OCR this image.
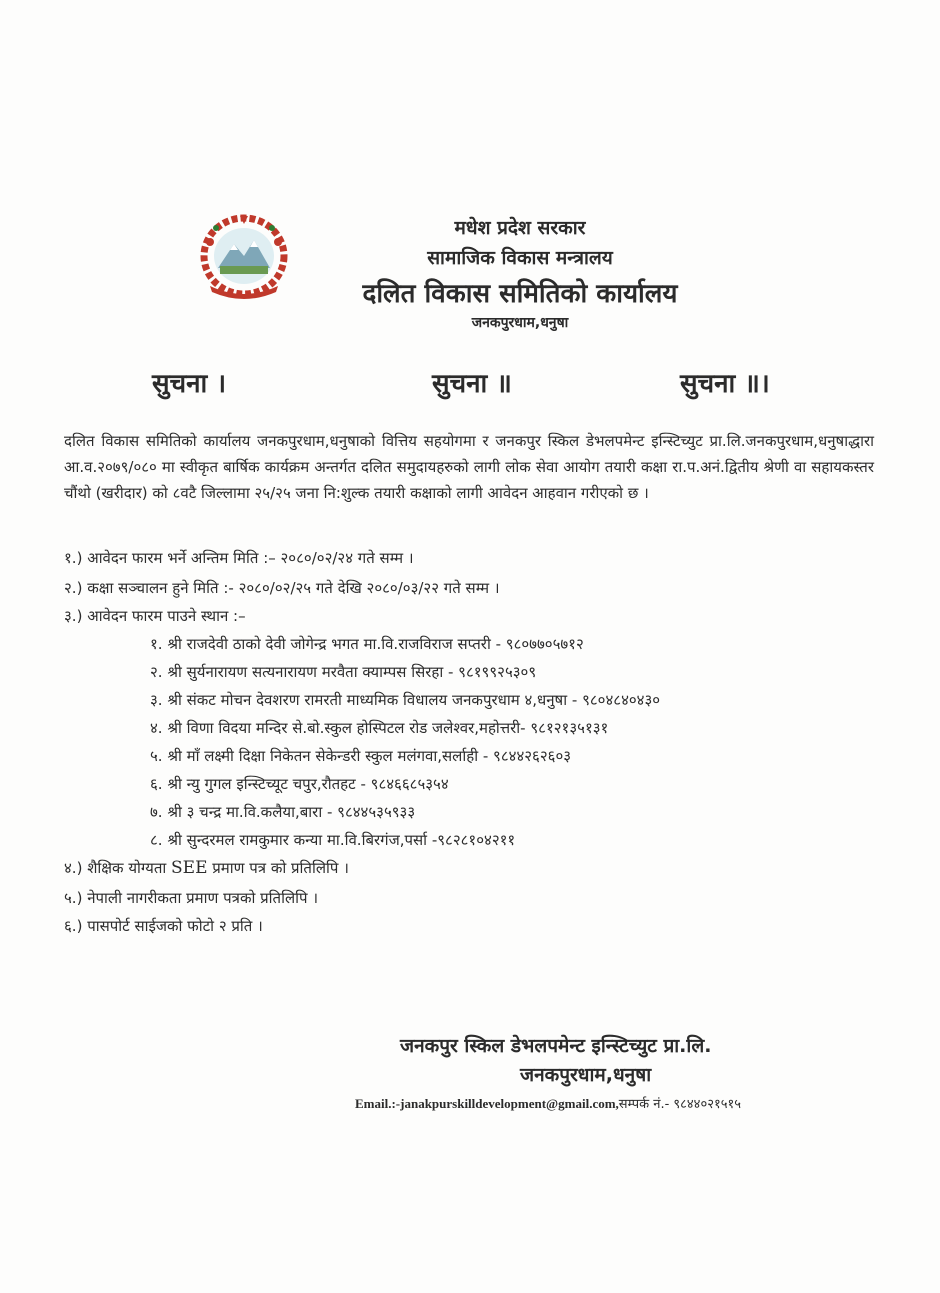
मधेश प्रदेश सरकार
सामाजिक विकास मन्त्रालय
दलित विकास समितिको कार्यालय
जनकपुरधाम,धनुषा
सुचना ।	सुचना ॥	सुचना ॥।
दलित विकास समितिको कार्यालय जनकपुरधाम,धनुषाको वित्तिय सहयोगमा र जनकपुर स्किल डेभलपमेन्ट इन्स्टिच्युट प्रा.लि.जनकपुरधाम,धनुषाद्धारा आ.व.२०७९/०८० मा स्वीकृत बार्षिक कार्यक्रम अन्तर्गत दलित समुदायहरुको लागी लोक सेवा आयोग तयारी कक्षा रा.प.अनं.द्वितीय श्रेणी वा सहायकस्तर चौंथो (खरीदार) को ८वटै जिल्लामा २५/२५ जना नि:शुल्क तयारी कक्षाको लागी आवेदन आहवान गरीएको छ ।
१.) आवेदन फारम भर्ने अन्तिम मिति :– २०८०/०२/२४ गते सम्म ।
२.) कक्षा सञ्चालन हुने मिति :- २०८०/०२/२५ गते देखि २०८०/०३/२२ गते सम्म ।
३.) आवेदन फारम पाउने स्थान :–
१. श्री राजदेवी ठाको देवी जोगेन्द्र भगत मा.वि.राजविराज सप्तरी - ९८०७७०५७१२
२. श्री सुर्यनारायण सत्यनारायण मरवैता क्याम्पस सिरहा - ९८१९९२५३०९
३. श्री संकट मोचन देवशरण रामरती माध्यमिक विधालय जनकपुरधाम ४,धनुषा - ९८०४८४०४३०
४. श्री विणा विदया मन्दिर से.बो.स्कुल होस्पिटल रोड जलेश्वर,महोत्तरी- ९८१२१३५१३१
५. श्री माँ लक्ष्मी दिक्षा निकेतन सेकेन्डरी स्कुल मलंगवा,सर्लाही - ९८४४२६२६०३
६. श्री न्यु गुगल इन्स्टिच्यूट चपुर,रौतहट - ९८४६६८५३५४
७. श्री ३ चन्द्र मा.वि.कलैया,बारा - ९८४४५३५९३३
८. श्री सुन्दरमल रामकुमार कन्या मा.वि.बिरगंज,पर्सा -९८२८१०४२११
४.) शैक्षिक योग्यता SEE प्रमाण पत्र को प्रतिलिपि ।
५.) नेपाली नागरीकता प्रमाण पत्रको प्रतिलिपि ।
६.) पासपोर्ट साईजको फोटो २ प्रति ।
जनकपुर स्किल डेभलपमेन्ट इन्स्टिच्युट प्रा.लि.
जनकपुरधाम,धनुषा
Email.:-janakpurskilldevelopment@gmail.com,सम्पर्क नं.- ९८४४०२१५१५
